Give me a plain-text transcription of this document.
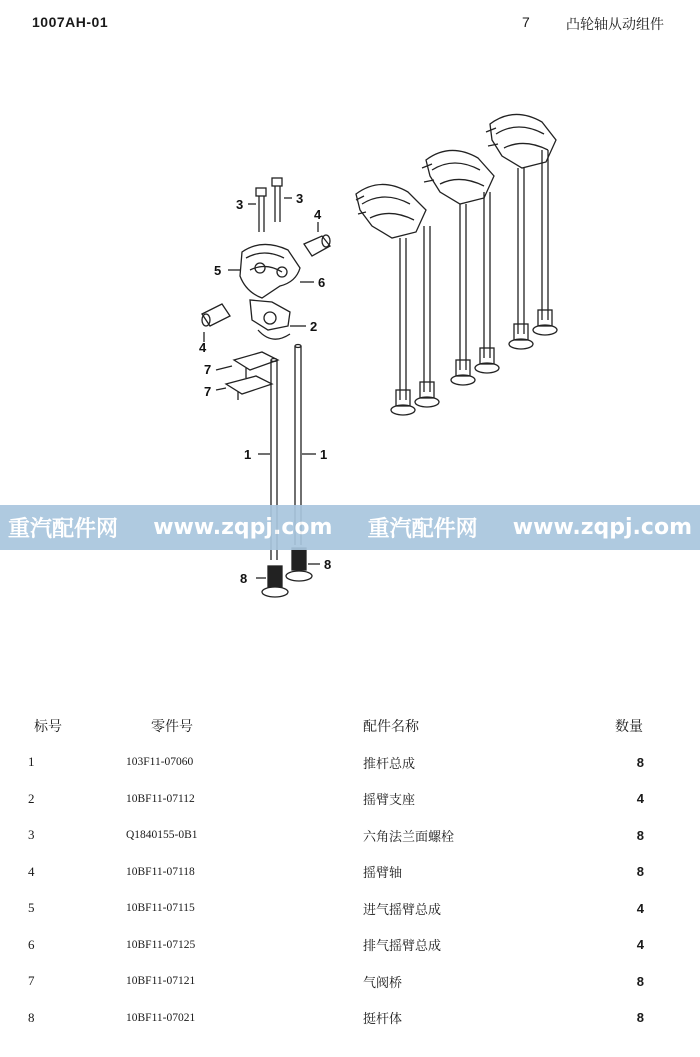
1007AH-01	7	凸轮轴从动组件
3	3
4
5
6
2
4
7
7
1	1
8
8
重汽配件网 www.zqpj.com 重汽配件网 www.zqpj.com
标号	零件号	配件名称	数量
1	103F11-07060	推杆总成	8
2	10BF11-07112	摇臂支座	4
3	Q1840155-0B1	六角法兰面螺栓	8
4	10BF11-07118	摇臂轴	8
5	10BF11-07115	进气摇臂总成	4
6	10BF11-07125	排气摇臂总成	4
7	10BF11-07121	气阀桥	8
8	10BF11-07021	挺杆体	8
